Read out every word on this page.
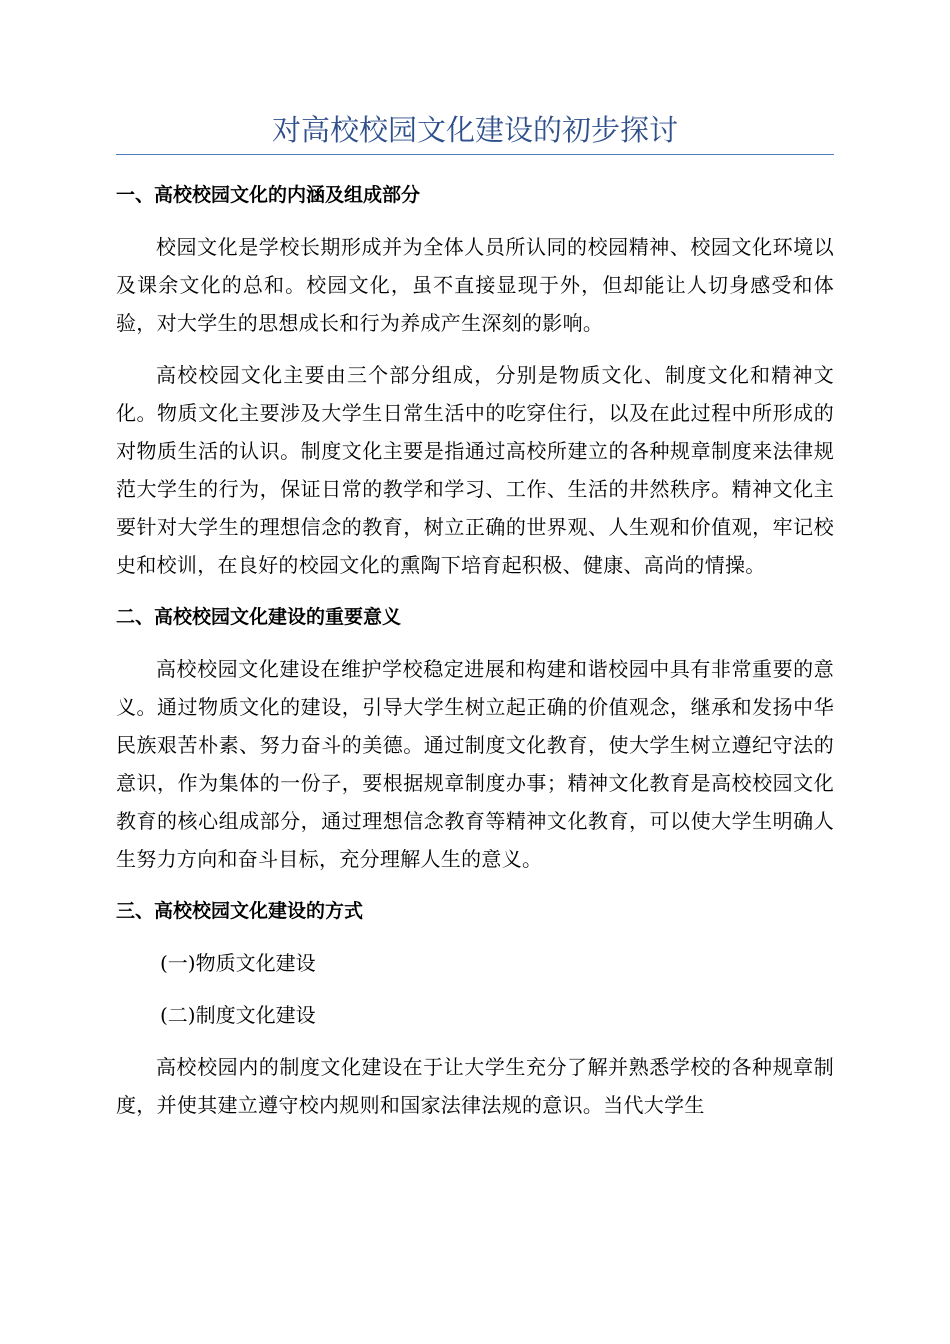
对高校校园文化建设的初步探讨
一、高校校园文化的内涵及组成部分
校园文化是学校长期形成并为全体人员所认同的校园精神、校园文化环境以及课余文化的总和。校园文化，虽不直接显现于外，但却能让人切身感受和体验，对大学生的思想成长和行为养成产生深刻的影响。
高校校园文化主要由三个部分组成，分别是物质文化、制度文化和精神文化。物质文化主要涉及大学生日常生活中的吃穿住行，以及在此过程中所形成的对物质生活的认识。制度文化主要是指通过高校所建立的各种规章制度来法律规范大学生的行为，保证日常的教学和学习、工作、生活的井然秩序。精神文化主要针对大学生的理想信念的教育，树立正确的世界观、人生观和价值观，牢记校史和校训，在良好的校园文化的熏陶下培育起积极、健康、高尚的情操。
二、高校校园文化建设的重要意义
高校校园文化建设在维护学校稳定进展和构建和谐校园中具有非常重要的意义。通过物质文化的建设，引导大学生树立起正确的价值观念，继承和发扬中华民族艰苦朴素、努力奋斗的美德。通过制度文化教育，使大学生树立遵纪守法的意识，作为集体的一份子，要根据规章制度办事；精神文化教育是高校校园文化教育的核心组成部分，通过理想信念教育等精神文化教育，可以使大学生明确人生努力方向和奋斗目标，充分理解人生的意义。
三、高校校园文化建设的方式
(一)物质文化建设
(二)制度文化建设
高校校园内的制度文化建设在于让大学生充分了解并熟悉学校的各种规章制度，并使其建立遵守校内规则和国家法律法规的意识。当代大学生
